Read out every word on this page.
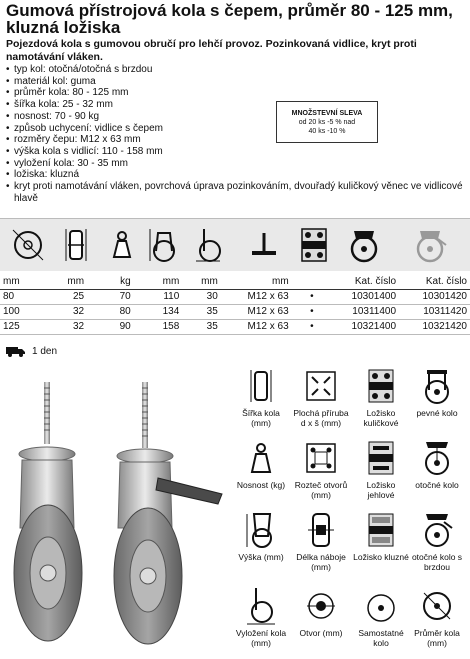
Gumová přístrojová kola s čepem, průměr 80 - 125 mm, kluzná ložiska
Pojezdová kola s gumovou obručí pro lehčí provoz. Pozinkovaná vidlice, kryt proti namotávání vláken.
• typ kol: otočná/otočná s brzdou
• materiál kol: guma
• průměr kola: 80 - 125 mm
• šířka kola: 25 - 32 mm
• nosnost: 70 - 90 kg
• způsob uchycení: vidlice s čepem
• rozměry čepu: M12 x 63 mm
• výška kola s vidlicí: 110 - 158 mm
• vyložení kola: 30 - 35 mm
• ložiska: kluzná
• kryt proti namotávání vláken, povrchová úprava pozinkováním, dvouřadý kuličkový věnec ve vidlicové hlavě
MNOŽSTEVNÍ SLEVA
od 20 ks -5 % nad
40 ks -10 %
mm	mm	kg	mm	mm	mm		Kat. číslo	Kat. číslo
80	25	70	110	30	M12 x 63	•	10301400	10301420
100	32	80	134	35	M12 x 63	•	10311400	10311420
125	32	90	158	35	M12 x 63	•	10321400	10321420
1 den
Šířka kola (mm)
Plochá příruba d x š (mm)
Ložisko kuličkové
pevné kolo
Nosnost (kg)	Rozteč otvorů (mm)
Ložisko jehlové
otočné kolo
Výška (mm)	Délka náboje (mm)
Ložisko kluzné otočné kolo s brzdou
Vyložení kola (mm)
Otvor (mm)	Samostatné kolo
Průměr kola (mm)
